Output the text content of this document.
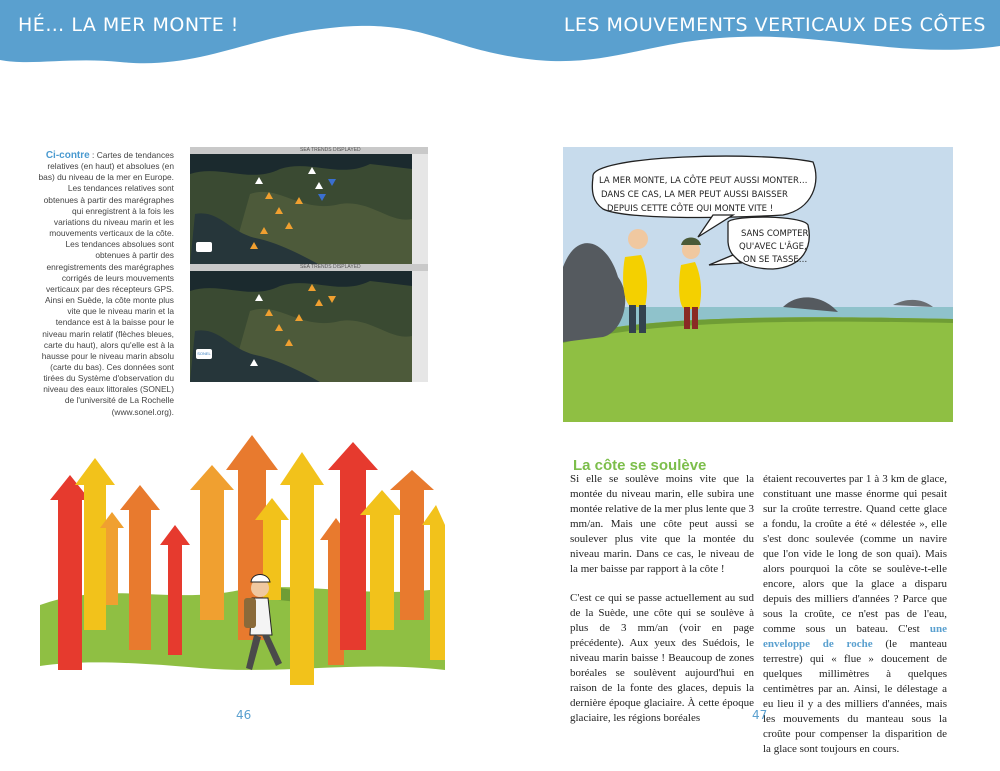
HÉ… LA MER MONTE !	LES MOUVEMENTS VERTICAUX DES CÔTES
Ci-contre : Cartes de tendances relatives (en haut) et absolues (en bas) du niveau de la mer en Europe. Les tendances relatives sont obtenues à partir des marégraphes qui enregistrent à la fois les variations du niveau marin et les mouvements verticaux de la côte. Les tendances absolues sont obtenues à partir des enregistrements des marégraphes corrigés de leurs mouvements verticaux par des récepteurs GPS. Ainsi en Suède, la côte monte plus vite que le niveau marin et la tendance est à la baisse pour le niveau marin relatif (flèches bleues, carte du haut), alors qu'elle est à la hausse pour le niveau marin absolu (carte du bas). Ces données sont tirées du Système d'observation du niveau des eaux littorales (SONEL) de l'université de La Rochelle (www.sonel.org).
SEA TRENDS DISPLAYED
SEA TRENDS DISPLAYED
SONEL
LA MER MONTE, LA CÔTE PEUT AUSSI MONTER…
DANS CE CAS, LA MER PEUT AUSSI BAISSER
DEPUIS CETTE CÔTE QUI MONTE VITE !
SANS COMPTER
QU'AVEC L'ÂGE,
ON SE TASSE…
La côte se soulève

Si elle se soulève moins vite que la montée du niveau marin, elle subira une montée relative de la mer plus lente que 3 mm/an. Mais une côte peut aussi se soulever plus vite que la montée du niveau marin. Dans ce cas, le niveau de la mer baisse par rapport à la côte !

C'est ce qui se passe actuellement au sud de la Suède, une côte qui se soulève à plus de 3 mm/an (voir en page précédente). Aux yeux des Suédois, le niveau marin baisse ! Beaucoup de zones boréales se soulèvent aujourd'hui en raison de la fonte des glaces, depuis la dernière époque glaciaire. À cette époque glaciaire, les régions boréales

étaient recouvertes par 1 à 3 km de glace, constituant une masse énorme qui pesait sur la croûte terrestre. Quand cette glace a fondu, la croûte a été « délestée », elle s'est donc soulevée (comme un navire que l'on vide le long de son quai). Mais alors pourquoi la côte se soulève-t-elle encore, alors que la glace a disparu depuis des milliers d'années ? Parce que sous la croûte, ce n'est pas de l'eau, comme sous un bateau. C'est une enveloppe de roche (le manteau terrestre) qui « flue » doucement de quelques millimètres à quelques centimètres par an. Ainsi, le délestage a eu lieu il y a des milliers d'années, mais les mouvements du manteau sous la croûte pour compenser la disparition de la glace sont toujours en cours.

46	47
